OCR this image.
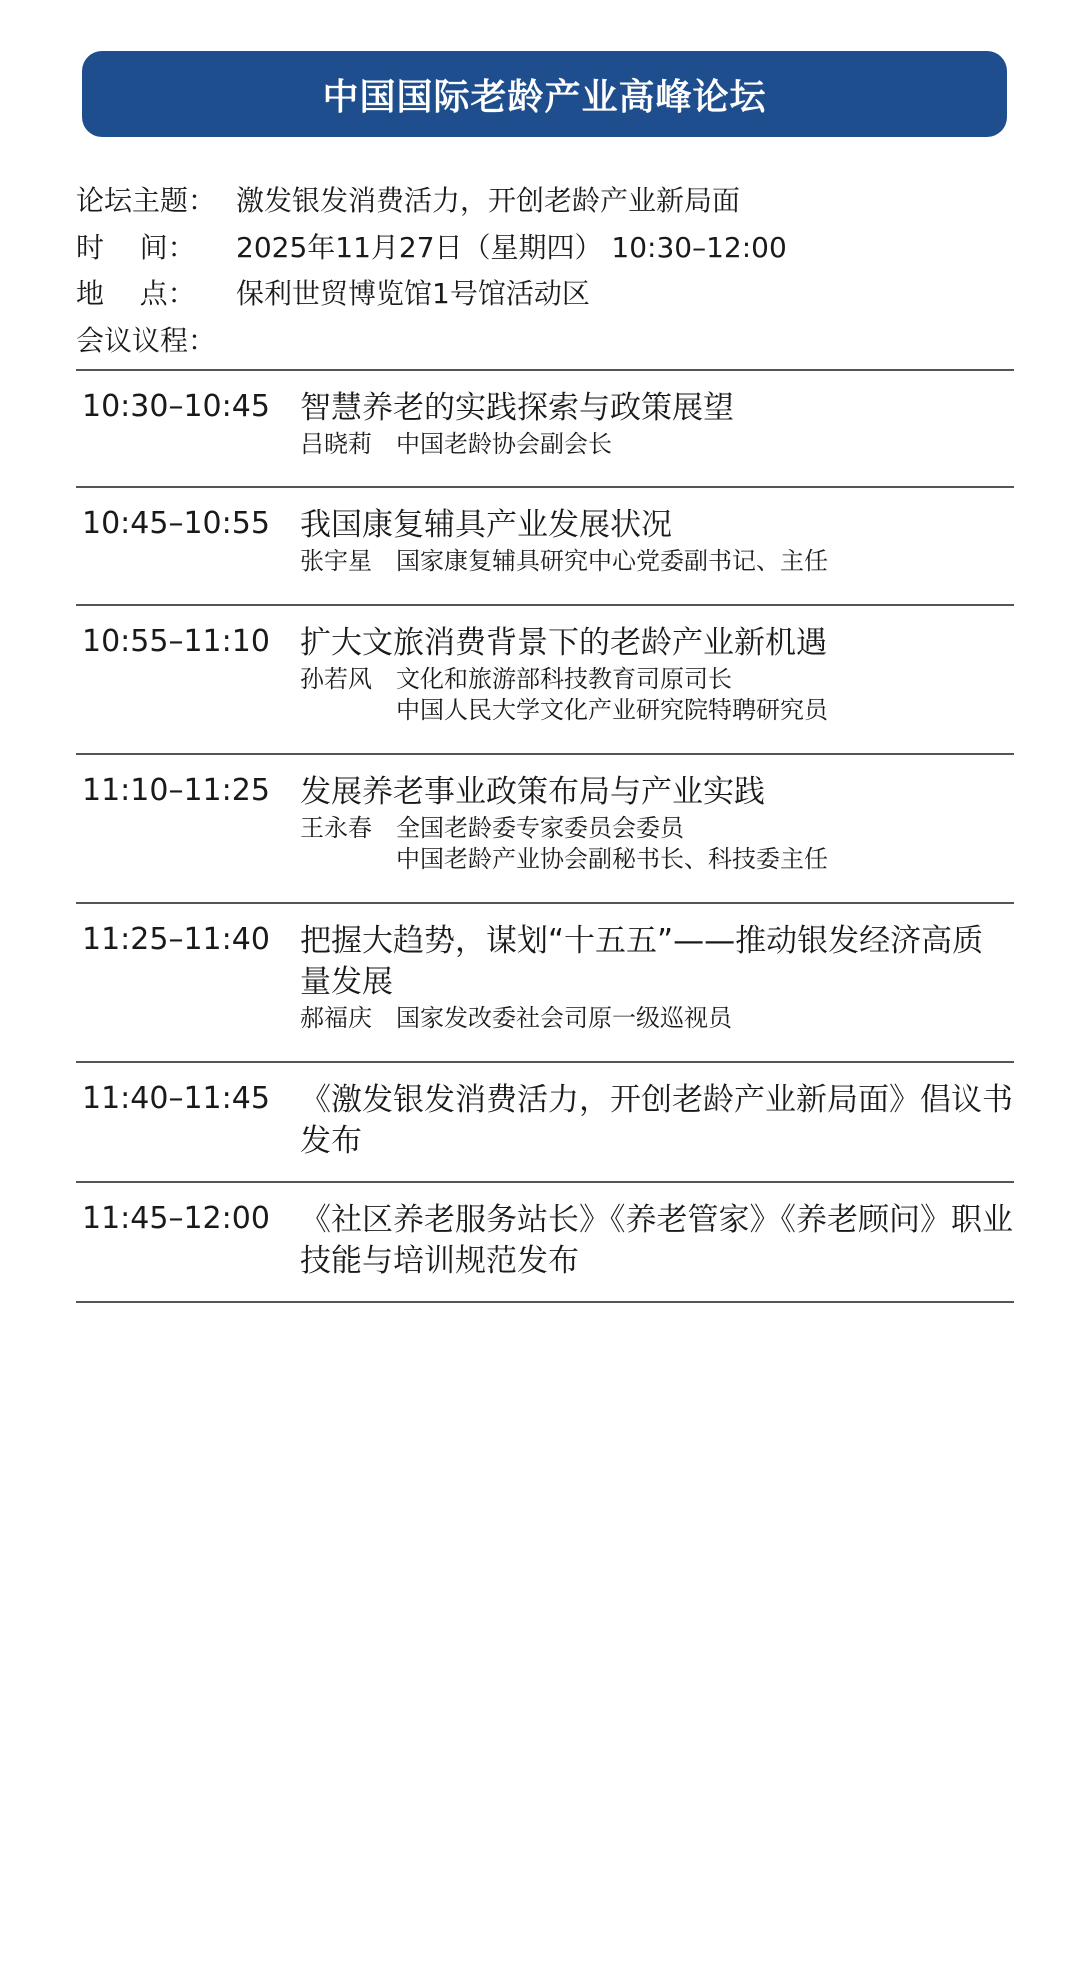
中国国际老龄产业高峰论坛
论坛主题： 激发银发消费活力，开创老龄产业新局面
时    间：	2025年11月27日（星期四） 10:30–12:00
地    点：	保利世贸博览馆1号馆活动区
会议议程：
10:30–10:45 智慧养老的实践探索与政策展望
吕晓莉	中国老龄协会副会长
10:45–10:55 我国康复辅具产业发展状况
张宇星	国家康复辅具研究中心党委副书记、主任
10:55–11:10 扩大文旅消费背景下的老龄产业新机遇
孙若风	文化和旅游部科技教育司原司长
中国人民大学文化产业研究院特聘研究员
11:10–11:25 发展养老事业政策布局与产业实践
王永春	全国老龄委专家委员会委员
中国老龄产业协会副秘书长、科技委主任
11:25–11:40 把握大趋势，谋划“十五五”——推动银发经济高质量发展
郝福庆	国家发改委社会司原一级巡视员
11:40–11:45 《激发银发消费活力，开创老龄产业新局面》倡议书发布
11:45–12:00 《社区养老服务站长》《养老管家》《养老顾问》职业技能与培训规范发布
